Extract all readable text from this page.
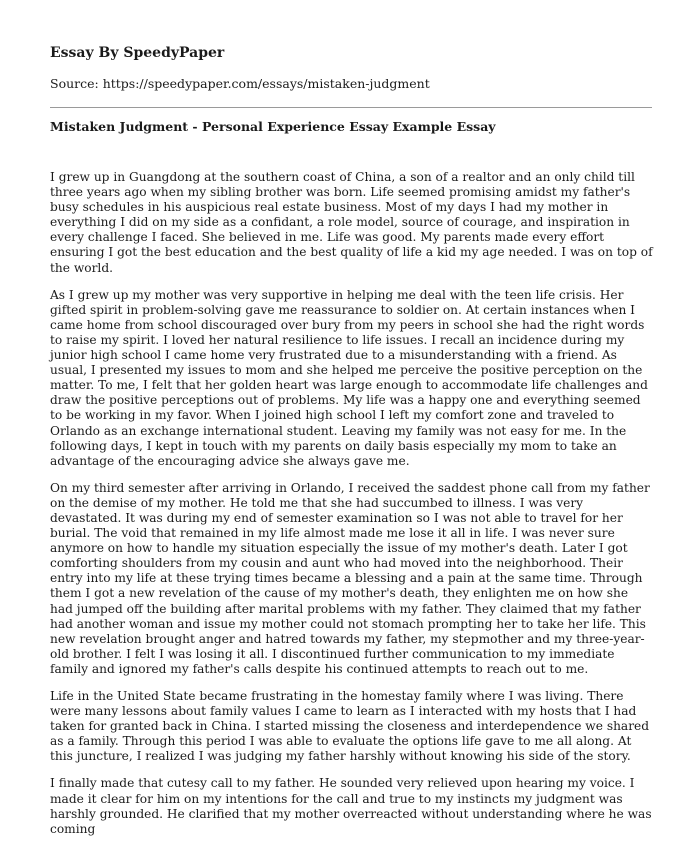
Essay By SpeedyPaper
Source: https://speedypaper.com/essays/mistaken-judgment
Mistaken Judgment - Personal Experience Essay Example Essay

I grew up in Guangdong at the southern coast of China, a son of a realtor and an only child till three years ago when my sibling brother was born. Life seemed promising amidst my father's busy schedules in his auspicious real estate business. Most of my days I had my mother in everything I did on my side as a confidant, a role model, source of courage, and inspiration in every challenge I faced. She believed in me. Life was good. My parents made every effort ensuring I got the best education and the best quality of life a kid my age needed. I was on top of the world.

As I grew up my mother was very supportive in helping me deal with the teen life crisis. Her gifted spirit in problem-solving gave me reassurance to soldier on. At certain instances when I came home from school discouraged over bury from my peers in school she had the right words to raise my spirit. I loved her natural resilience to life issues. I recall an incidence during my junior high school I came home very frustrated due to a misunderstanding with a friend. As usual, I presented my issues to mom and she helped me perceive the positive perception on the matter. To me, I felt that her golden heart was large enough to accommodate life challenges and draw the positive perceptions out of problems. My life was a happy one and everything seemed to be working in my favor. When I joined high school I left my comfort zone and traveled to Orlando as an exchange international student. Leaving my family was not easy for me. In the following days, I kept in touch with my parents on daily basis especially my mom to take an advantage of the encouraging advice she always gave me.

On my third semester after arriving in Orlando, I received the saddest phone call from my father on the demise of my mother. He told me that she had succumbed to illness. I was very devastated. It was during my end of semester examination so I was not able to travel for her burial. The void that remained in my life almost made me lose it all in life. I was never sure anymore on how to handle my situation especially the issue of my mother's death. Later I got comforting shoulders from my cousin and aunt who had moved into the neighborhood. Their entry into my life at these trying times became a blessing and a pain at the same time. Through them I got a new revelation of the cause of my mother's death, they enlighten me on how she had jumped off the building after marital problems with my father. They claimed that my father had another woman and issue my mother could not stomach prompting her to take her life. This new revelation brought anger and hatred towards my father, my stepmother and my three-year-old brother. I felt I was losing it all. I discontinued further communication to my immediate family and ignored my father's calls despite his continued attempts to reach out to me.

Life in the United State became frustrating in the homestay family where I was living. There were many lessons about family values I came to learn as I interacted with my hosts that I had taken for granted back in China. I started missing the closeness and interdependence we shared as a family. Through this period I was able to evaluate the options life gave to me all along. At this juncture, I realized I was judging my father harshly without knowing his side of the story.

I finally made that cutesy call to my father. He sounded very relieved upon hearing my voice. I made it clear for him on my intentions for the call and true to my instincts my judgment was harshly grounded. He clarified that my mother overreacted without understanding where he was coming
